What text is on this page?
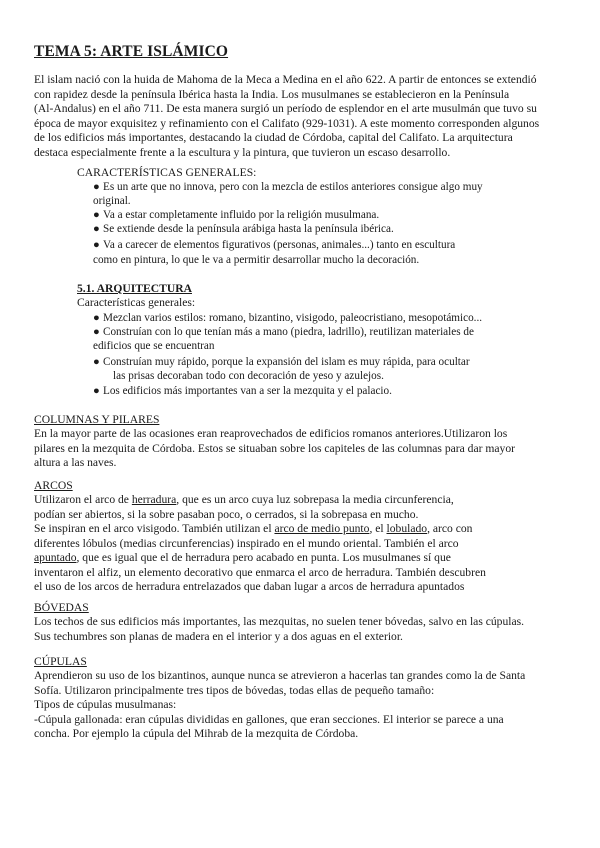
TEMA 5: ARTE ISLÁMICO
El islam nació con la huida de Mahoma de la Meca a Medina en el año 622. A partir de entonces se extendió
con rapidez desde la península Ibérica hasta la India. Los musulmanes se establecieron en la Península
(Al-Andalus) en el año 711. De esta manera surgió un período de esplendor en el arte musulmán que tuvo su
época de mayor exquisitez y refinamiento con el Califato (929-1031). A este momento corresponden algunos
de los edificios más importantes, destacando la ciudad de Córdoba, capital del Califato. La arquitectura
destaca especialmente frente a la escultura y la pintura, que tuvieron un escaso desarrollo.
CARACTERÍSTICAS GENERALES:
● Es un arte que no innova, pero con la mezcla de estilos anteriores consigue algo muy
original.
● Va a estar completamente influido por la religión musulmana.
● Se extiende desde la península arábiga hasta la península ibérica.
● Va a carecer de elementos figurativos (personas, animales...) tanto en escultura
como en pintura, lo que le va a permitir desarrollar mucho la decoración.
5.1. ARQUITECTURA
Características generales:
● Mezclan varios estilos: romano, bizantino, visigodo, paleocristiano, mesopotámico...
● Construían con lo que tenían más a mano (piedra, ladrillo), reutilizan materiales de
edificios que se encuentran
● Construían muy rápido, porque la expansión del islam es muy rápida, para ocultar
las prisas decoraban todo con decoración de yeso y azulejos.
● Los edificios más importantes van a ser la mezquita y el palacio.
COLUMNAS Y PILARES
En la mayor parte de las ocasiones eran reaprovechados de edificios romanos anteriores.Utilizaron los
pilares en la mezquita de Córdoba. Estos se situaban sobre los capiteles de las columnas para dar mayor
altura a las naves.
ARCOS
Utilizaron el arco de herradura, que es un arco cuya luz sobrepasa la media circunferencia,
podían ser abiertos, si la sobre pasaban poco, o cerrados, si la sobrepasa en mucho.
Se inspiran en el arco visigodo. También utilizan el arco de medio punto, el lobulado, arco con
diferentes lóbulos (medias circunferencias) inspirado en el mundo oriental. También el arco
apuntado, que es igual que el de herradura pero acabado en punta. Los musulmanes sí que
inventaron el alfiz, un elemento decorativo que enmarca el arco de herradura. También descubren
el uso de los arcos de herradura entrelazados que daban lugar a arcos de herradura apuntados
BÓVEDAS
Los techos de sus edificios más importantes, las mezquitas, no suelen tener bóvedas, salvo en las cúpulas.
Sus techumbres son planas de madera en el interior y a dos aguas en el exterior.
CÚPULAS
Aprendieron su uso de los bizantinos, aunque nunca se atrevieron a hacerlas tan grandes como la de Santa
Sofía. Utilizaron principalmente tres tipos de bóvedas, todas ellas de pequeño tamaño:
Tipos de cúpulas musulmanas:
-Cúpula gallonada: eran cúpulas divididas en gallones, que eran secciones. El interior se parece a una
concha. Por ejemplo la cúpula del Mihrab de la mezquita de Córdoba.
